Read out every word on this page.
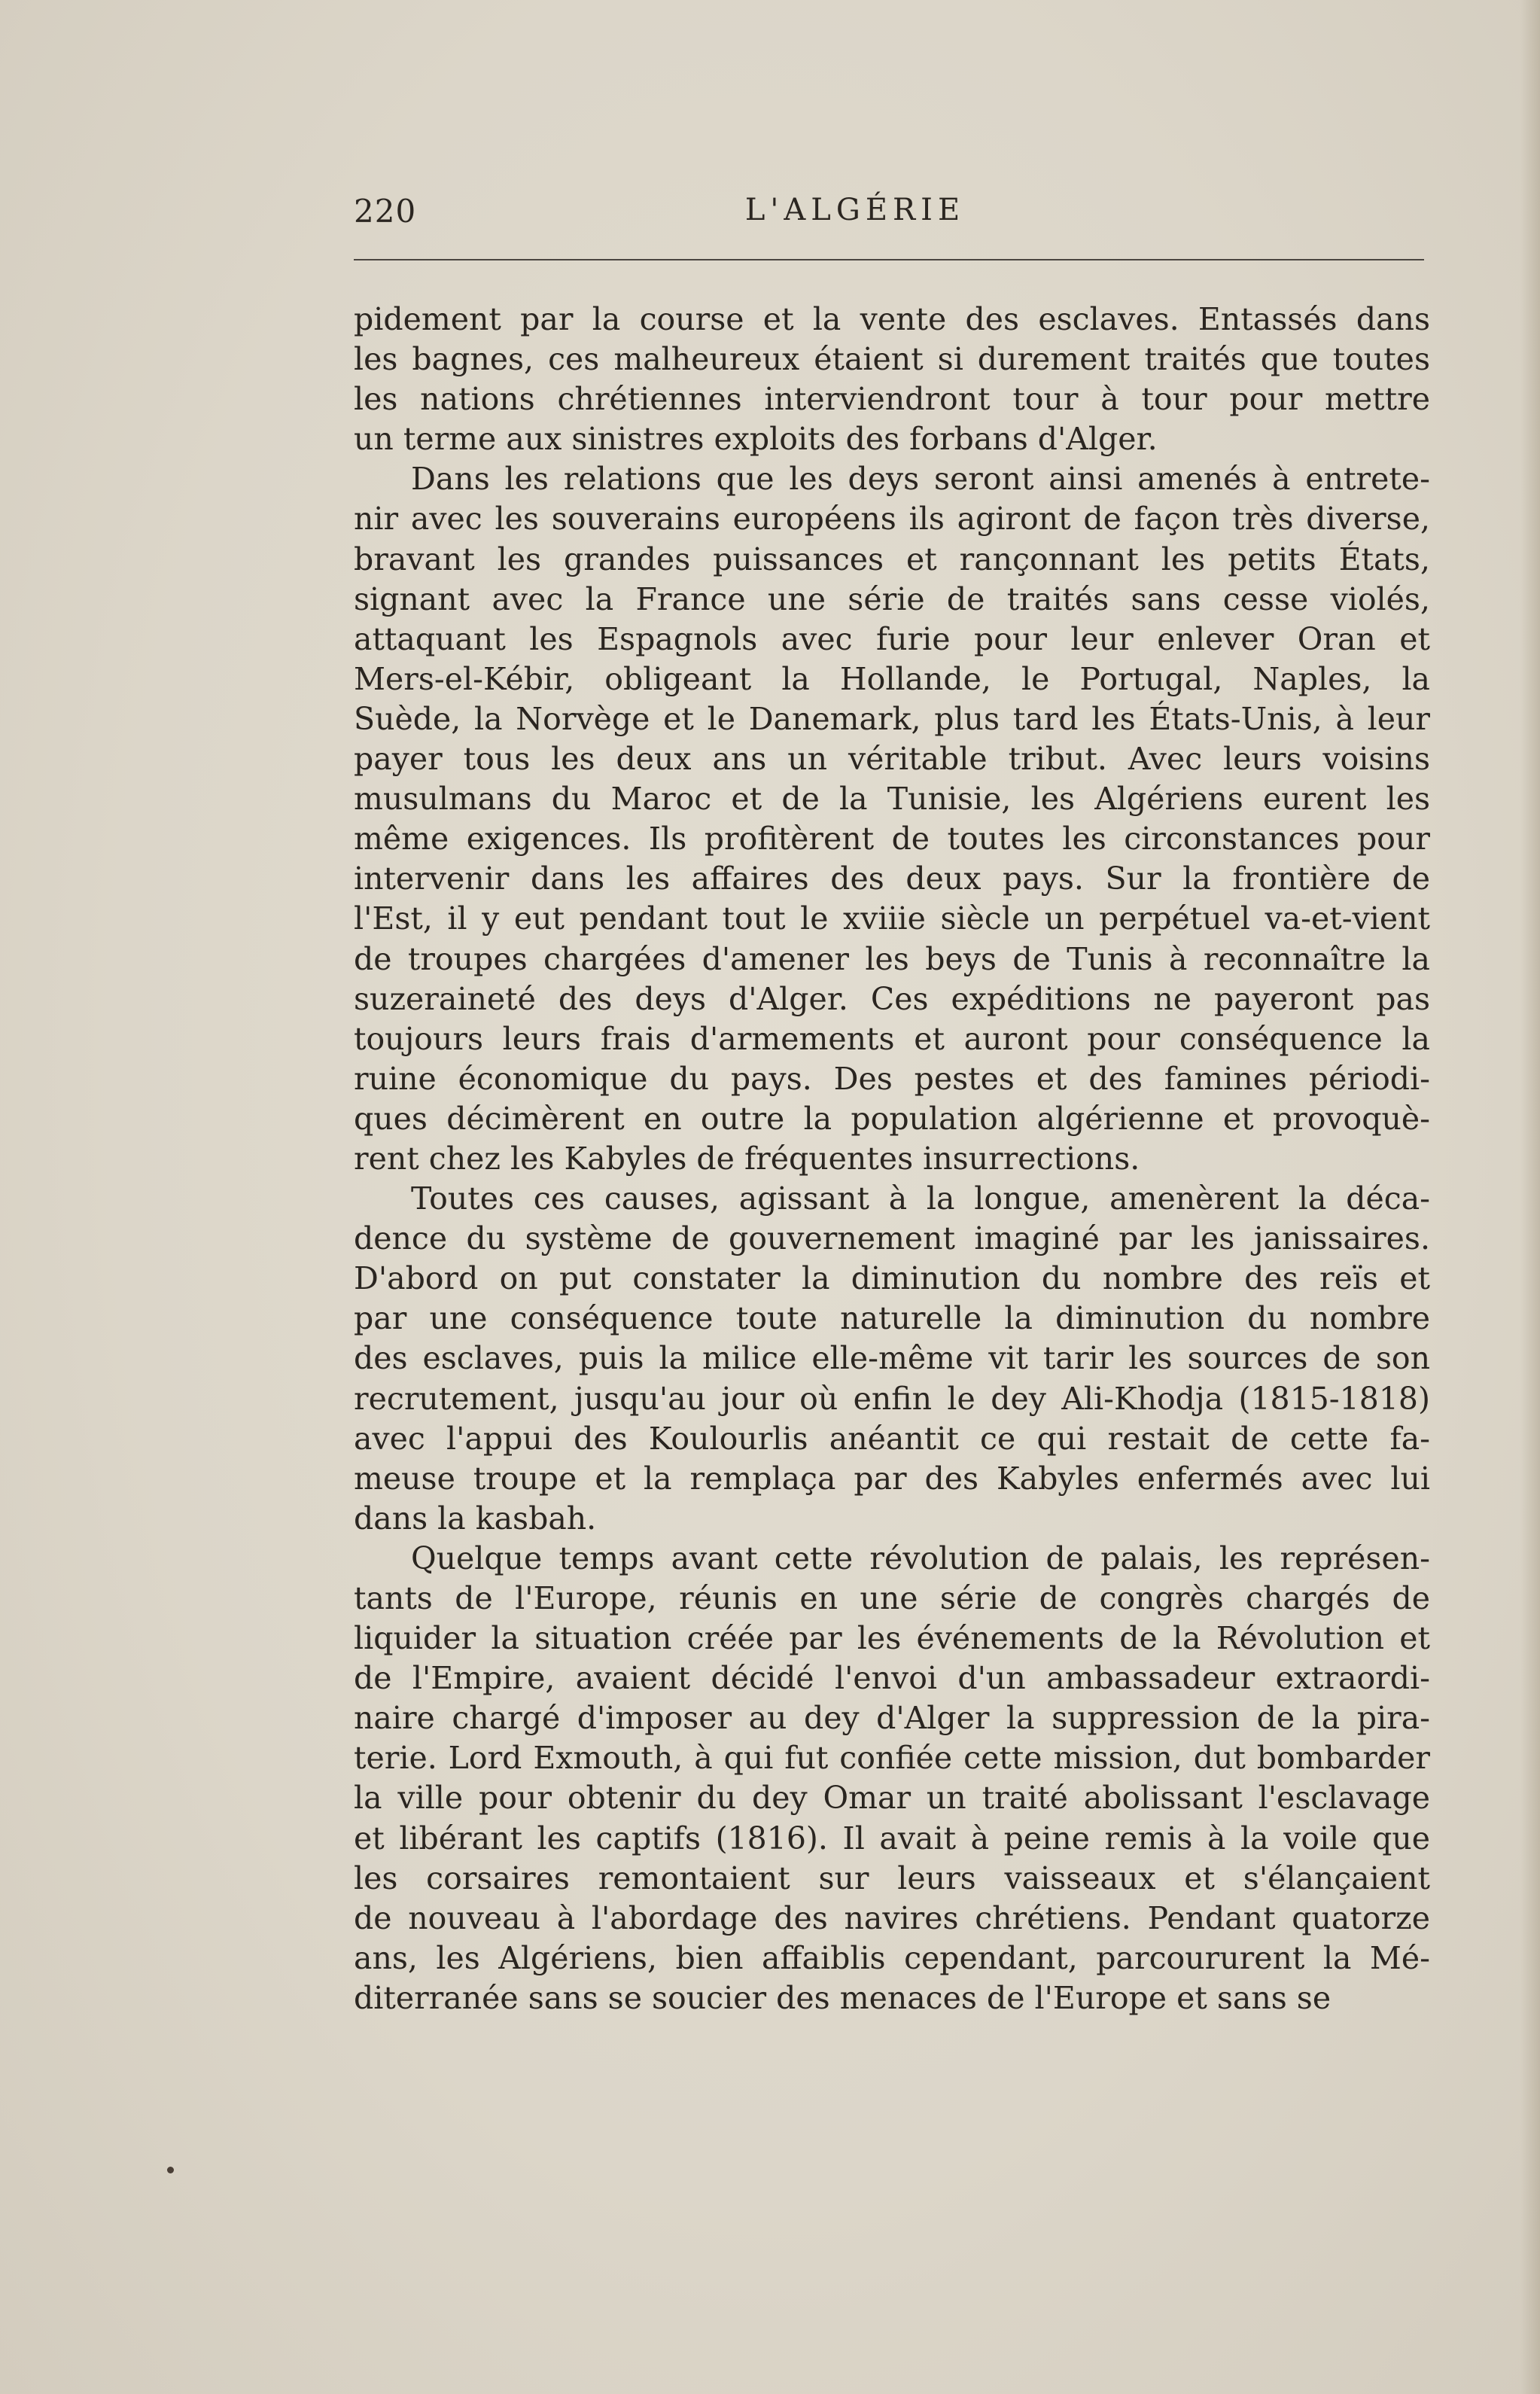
220	L'ALGÉRIE
pidement par la course et la vente des esclaves. Entassés dans
les bagnes, ces malheureux étaient si durement traités que toutes
les nations chrétiennes interviendront tour à tour pour mettre
un terme aux sinistres exploits des forbans d'Alger.
Dans les relations que les deys seront ainsi amenés à entrete-
nir avec les souverains européens ils agiront de façon très diverse,
bravant les grandes puissances et rançonnant les petits États,
signant avec la France une série de traités sans cesse violés,
attaquant les Espagnols avec furie pour leur enlever Oran et
Mers-el-Kébir, obligeant la Hollande, le Portugal, Naples, la
Suède, la Norvège et le Danemark, plus tard les États-Unis, à leur
payer tous les deux ans un véritable tribut. Avec leurs voisins
musulmans du Maroc et de la Tunisie, les Algériens eurent les
même exigences. Ils profitèrent de toutes les circonstances pour
intervenir dans les affaires des deux pays. Sur la frontière de
l'Est, il y eut pendant tout le xviiie siècle un perpétuel va-et-vient
de troupes chargées d'amener les beys de Tunis à reconnaître la
suzeraineté des deys d'Alger. Ces expéditions ne payeront pas
toujours leurs frais d'armements et auront pour conséquence la
ruine économique du pays. Des pestes et des famines périodi-
ques décimèrent en outre la population algérienne et provoquè-
rent chez les Kabyles de fréquentes insurrections.
Toutes ces causes, agissant à la longue, amenèrent la déca-
dence du système de gouvernement imaginé par les janissaires.
D'abord on put constater la diminution du nombre des reïs et
par une conséquence toute naturelle la diminution du nombre
des esclaves, puis la milice elle-même vit tarir les sources de son
recrutement, jusqu'au jour où enfin le dey Ali-Khodja (1815-1818)
avec l'appui des Koulourlis anéantit ce qui restait de cette fa-
meuse troupe et la remplaça par des Kabyles enfermés avec lui
dans la kasbah.
Quelque temps avant cette révolution de palais, les représen-
tants de l'Europe, réunis en une série de congrès chargés de
liquider la situation créée par les événements de la Révolution et
de l'Empire, avaient décidé l'envoi d'un ambassadeur extraordi-
naire chargé d'imposer au dey d'Alger la suppression de la pira-
terie. Lord Exmouth, à qui fut confiée cette mission, dut bombarder
la ville pour obtenir du dey Omar un traité abolissant l'esclavage
et libérant les captifs (1816). Il avait à peine remis à la voile que
les corsaires remontaient sur leurs vaisseaux et s'élançaient
de nouveau à l'abordage des navires chrétiens. Pendant quatorze
ans, les Algériens, bien affaiblis cependant, parcoururent la Mé-
diterranée sans se soucier des menaces de l'Europe et sans se
